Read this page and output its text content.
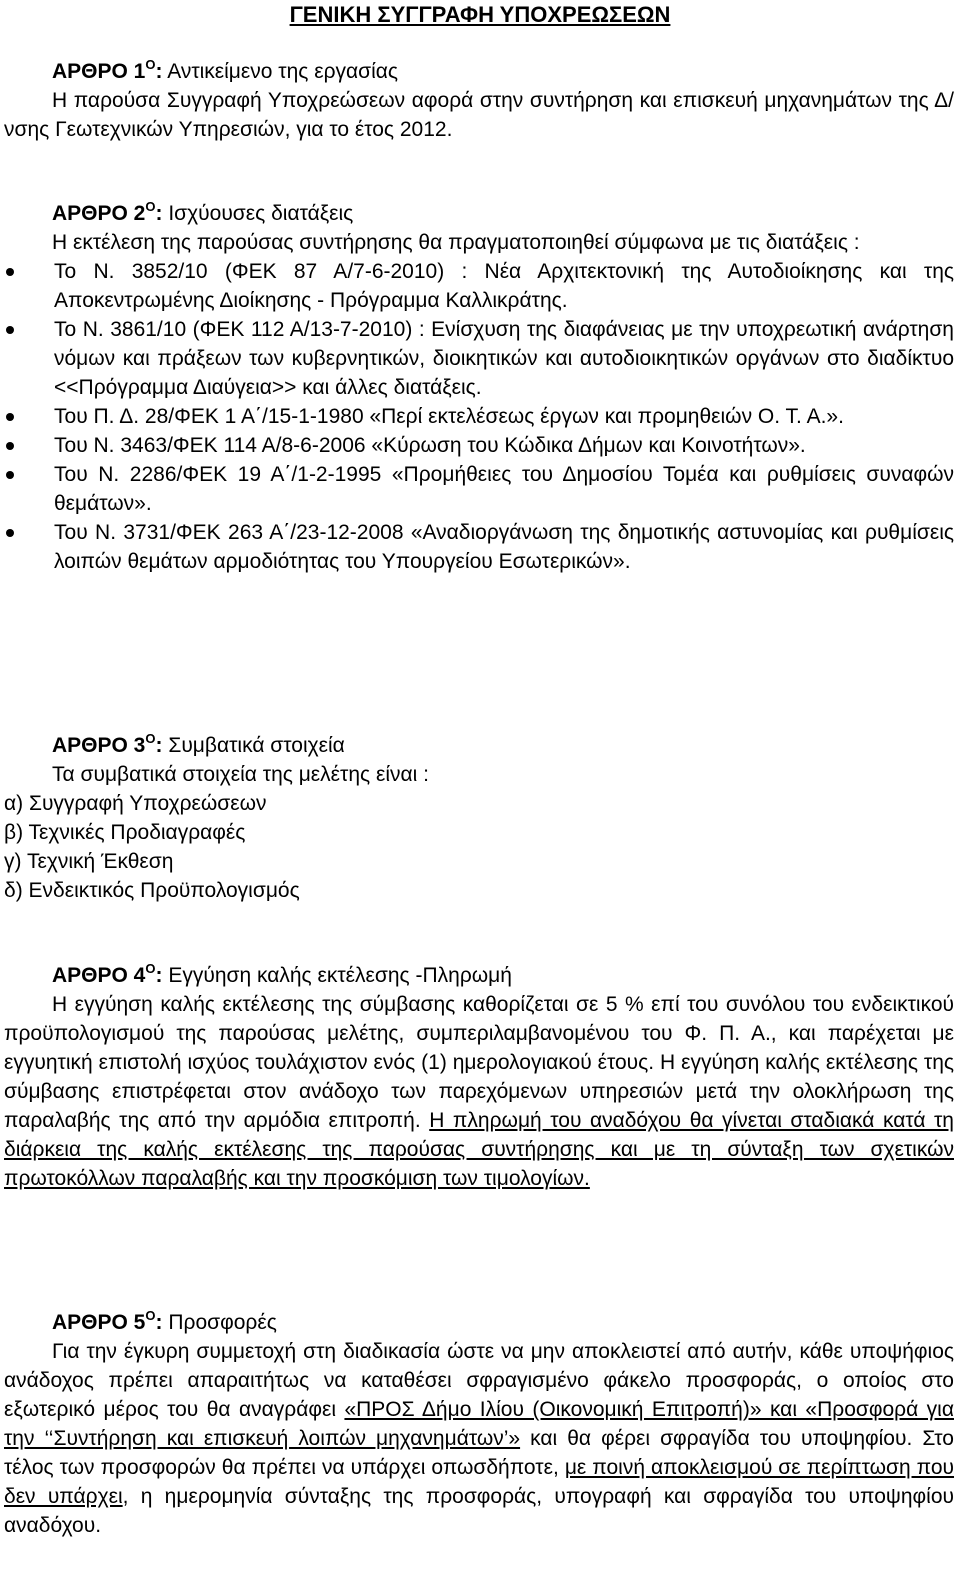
ΓΕΝΙΚΗ ΣΥΓΓΡΑΦΗ ΥΠΟΧΡΕΩΣΕΩΝ
ΑΡΘΡΟ $1^O$: Αντικείμενο της εργασίας

Η παρούσα Συγγραφή Υποχρεώσεων αφορά στην συντήρηση και επισκευή μηχανημάτων της Δ/νσης Γεωτεχνικών Υπηρεσιών, για το έτος 2012.

ΑΡΘΡΟ $2^O$: Ισχύουσες διατάξεις

Η εκτέλεση της παρούσας συντήρησης θα πραγματοποιηθεί σύμφωνα με τις διατάξεις :

Το Ν. 3852/10 (ΦΕΚ 87 Α/7-6-2010) : Νέα Αρχιτεκτονική της Αυτοδιοίκησης και της Αποκεντρωμένης Διοίκησης - Πρόγραμμα Καλλικράτης.
Το Ν. 3861/10 (ΦΕΚ 112 Α/13-7-2010) : Ενίσχυση της διαφάνειας με την υποχρεωτική ανάρτηση νόμων και πράξεων των κυβερνητικών, διοικητικών και αυτοδιοικητικών οργάνων στο διαδίκτυο <<Πρόγραμμα Διαύγεια>> και άλλες διατάξεις.
Του Π. Δ. 28/ΦΕΚ 1 Α΄/15-1-1980 «Περί εκτελέσεως έργων και προμηθειών Ο. Τ. Α.».
Του Ν. 3463/ΦΕΚ 114 Α/8-6-2006 «Κύρωση του Κώδικα Δήμων και Κοινοτήτων».
Του Ν. 2286/ΦΕΚ 19 Α΄/1-2-1995 «Προμήθειες του Δημοσίου Τομέα και ρυθμίσεις συναφών θεμάτων».
Του Ν. 3731/ΦΕΚ 263 Α΄/23-12-2008 «Αναδιοργάνωση της δημοτικής αστυνομίας και ρυθμίσεις λοιπών θεμάτων αρμοδιότητας του Υπουργείου Εσωτερικών».
ΑΡΘΡΟ $3^O$: Συμβατικά στοιχεία
Τα συμβατικά στοιχεία της μελέτης είναι :
α) Συγγραφή Υποχρεώσεων
β) Τεχνικές Προδιαγραφές
γ) Τεχνική Έκθεση
δ) Ενδεικτικός Προϋπολογισμός
ΑΡΘΡΟ $4^O$: Εγγύηση καλής εκτέλεσης -Πληρωμή

Η εγγύηση καλής εκτέλεσης της σύμβασης καθορίζεται σε 5 % επί του συνόλου του ενδεικτικού προϋπολογισμού της παρούσας μελέτης, συμπεριλαμβανομένου του Φ. Π. Α., και παρέχεται με εγγυητική επιστολή ισχύος τουλάχιστον ενός (1) ημερολογιακού έτους. Η εγγύηση καλής εκτέλεσης της σύμβασης επιστρέφεται στον ανάδοχο των παρεχόμενων υπηρεσιών μετά την ολοκλήρωση της παραλαβής της από την αρμόδια επιτροπή. Η πληρωμή του αναδόχου θα γίνεται σταδιακά κατά τη διάρκεια της καλής εκτέλεσης της παρούσας συντήρησης και με τη σύνταξη των σχετικών πρωτοκόλλων παραλαβής και την προσκόμιση των τιμολογίων.

ΑΡΘΡΟ $5^O$: Προσφορές

Για την έγκυρη συμμετοχή στη διαδικασία ώστε να μην αποκλειστεί από αυτήν, κάθε υποψήφιος ανάδοχος πρέπει απαραιτήτως να καταθέσει σφραγισμένο φάκελο προσφοράς, ο οποίος στο εξωτερικό μέρος του θα αναγράφει «ΠΡΟΣ Δήμο Ιλίου (Οικονομική Επιτροπή)» και «Προσφορά για την ‘‘Συντήρηση και επισκευή λοιπών μηχανημάτων’» και θα φέρει σφραγίδα του υποψηφίου. Στο τέλος των προσφορών θα πρέπει να υπάρχει οπωσδήποτε, με ποινή αποκλεισμού σε περίπτωση που δεν υπάρχει, η ημερομηνία σύνταξης της προσφοράς, υπογραφή και σφραγίδα του υποψηφίου αναδόχου.
